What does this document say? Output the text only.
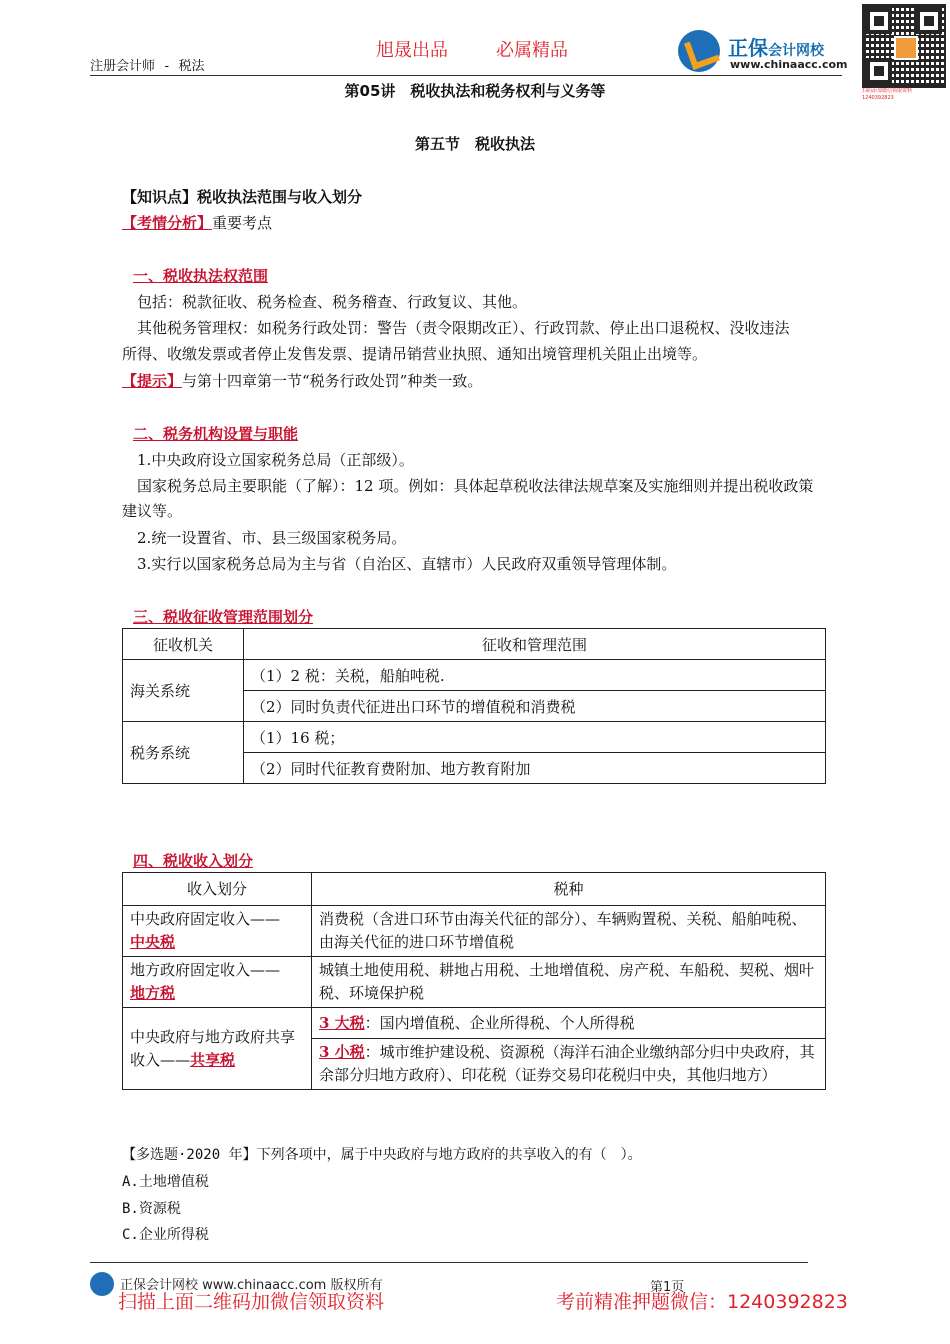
旭晟出品	必属精品
注册会计师 - 税法
正保会计网校
www.chinaacc.com
扫码添加微信领取资料 1240392823
第05讲　税收执法和税务权利与义务等
第五节　税收执法
【知识点】税收执法范围与收入划分
【考情分析】重要考点
一、税收执法权范围
　包括：税款征收、税务检查、税务稽查、行政复议、其他。
　其他税务管理权：如税务行政处罚：警告（责令限期改正）、行政罚款、停止出口退税权、没收违法
所得、收缴发票或者停止发售发票、提请吊销营业执照、通知出境管理机关阻止出境等。
【提示】与第十四章第一节“税务行政处罚”种类一致。
二、税务机构设置与职能
　1.中央政府设立国家税务总局（正部级）。
　国家税务总局主要职能（了解）：12 项。例如：具体起草税收法律法规草案及实施细则并提出税收政策
建议等。
　2.统一设置省、市、县三级国家税务局。
　3.实行以国家税务总局为主与省（自治区、直辖市）人民政府双重领导管理体制。
三、税收征收管理范围划分
征收机关	征收和管理范围
海关系统	（1）2 税：关税，船舶吨税.
	（2）同时负责代征进出口环节的增值税和消费税
税务系统	（1）16 税；
	（2）同时代征教育费附加、地方教育附加
四、税收收入划分
收入划分	税种
中央政府固定收入——
中央税	消费税（含进口环节由海关代征的部分）、车辆购置税、关税、船舶吨税、由海关代征的进口环节增值税
地方政府固定收入——
地方税	城镇土地使用税、耕地占用税、土地增值税、房产税、车船税、契税、烟叶税、环境保护税
中央政府与地方政府共享收入——共享税	3 大税：国内增值税、企业所得税、个人所得税
	3 小税：城市维护建设税、资源税（海洋石油企业缴纳部分归中央政府，其余部分归地方政府）、印花税（证券交易印花税归中央，其他归地方）
【多选题·2020 年】下列各项中，属于中央政府与地方政府的共享收入的有（　）。
A.土地增值税
B.资源税
C.企业所得税
正保会计网校 www.chinaacc.com 版权所有	第1页
扫描上面二维码加微信领取资料	考前精准押题微信：1240392823
